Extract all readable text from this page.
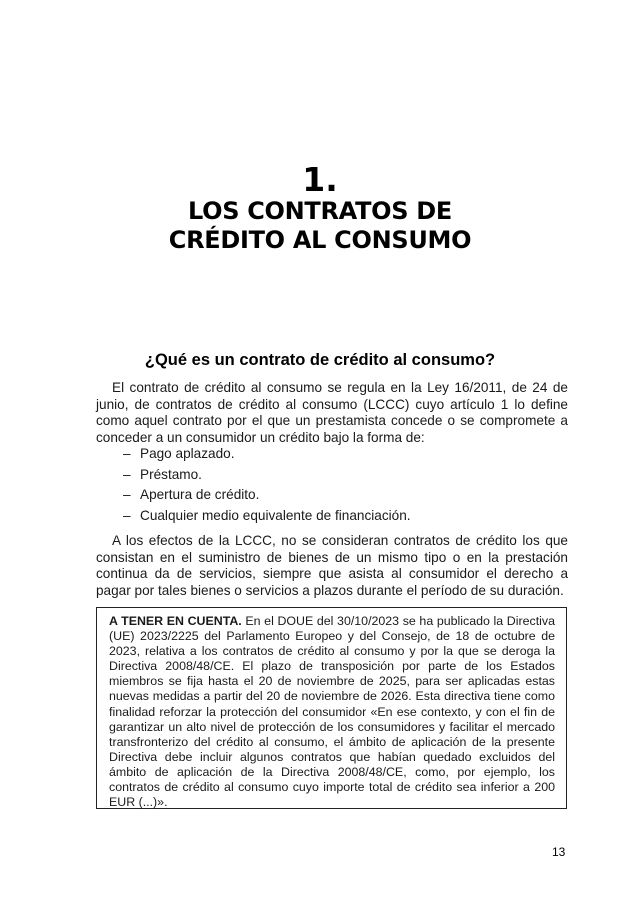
1.
LOS CONTRATOS DE
CRÉDITO AL CONSUMO
¿Qué es un contrato de crédito al consumo?

El contrato de crédito al consumo se regula en la Ley 16/2011, de 24 de junio, de contratos de crédito al consumo (LCCC) cuyo artículo 1 lo define como aquel contrato por el que un prestamista concede o se compromete a conceder a un consumidor un crédito bajo la forma de:

– Pago aplazado.
– Préstamo.
– Apertura de crédito.
– Cualquier medio equivalente de financiación.

A los efectos de la LCCC, no se consideran contratos de crédito los que consistan en el suministro de bienes de un mismo tipo o en la prestación continua da de servicios, siempre que asista al consumidor el derecho a pagar por tales bienes o servicios a plazos durante el período de su duración.

A TENER EN CUENTA. En el DOUE del 30/10/2023 se ha publicado la Directiva (UE) 2023/2225 del Parlamento Europeo y del Consejo, de 18 de octubre de 2023, relativa a los contratos de crédito al consumo y por la que se deroga la Directiva 2008/48/CE. El plazo de transposición por parte de los Estados miembros se fija hasta el 20 de noviembre de 2025, para ser aplicadas estas nuevas medidas a partir del 20 de noviembre de 2026. Esta directiva tiene como finalidad reforzar la protección del consumidor «En ese contexto, y con el fin de garantizar un alto nivel de protección de los consumidores y facilitar el mercado transfronterizo del crédito al consumo, el ámbito de aplicación de la presente Directiva debe incluir algunos contratos que habían quedado excluidos del ámbito de aplicación de la Directiva 2008/48/CE, como, por ejemplo, los contratos de crédito al consumo cuyo importe total de crédito sea inferior a 200 EUR (...)».
13
